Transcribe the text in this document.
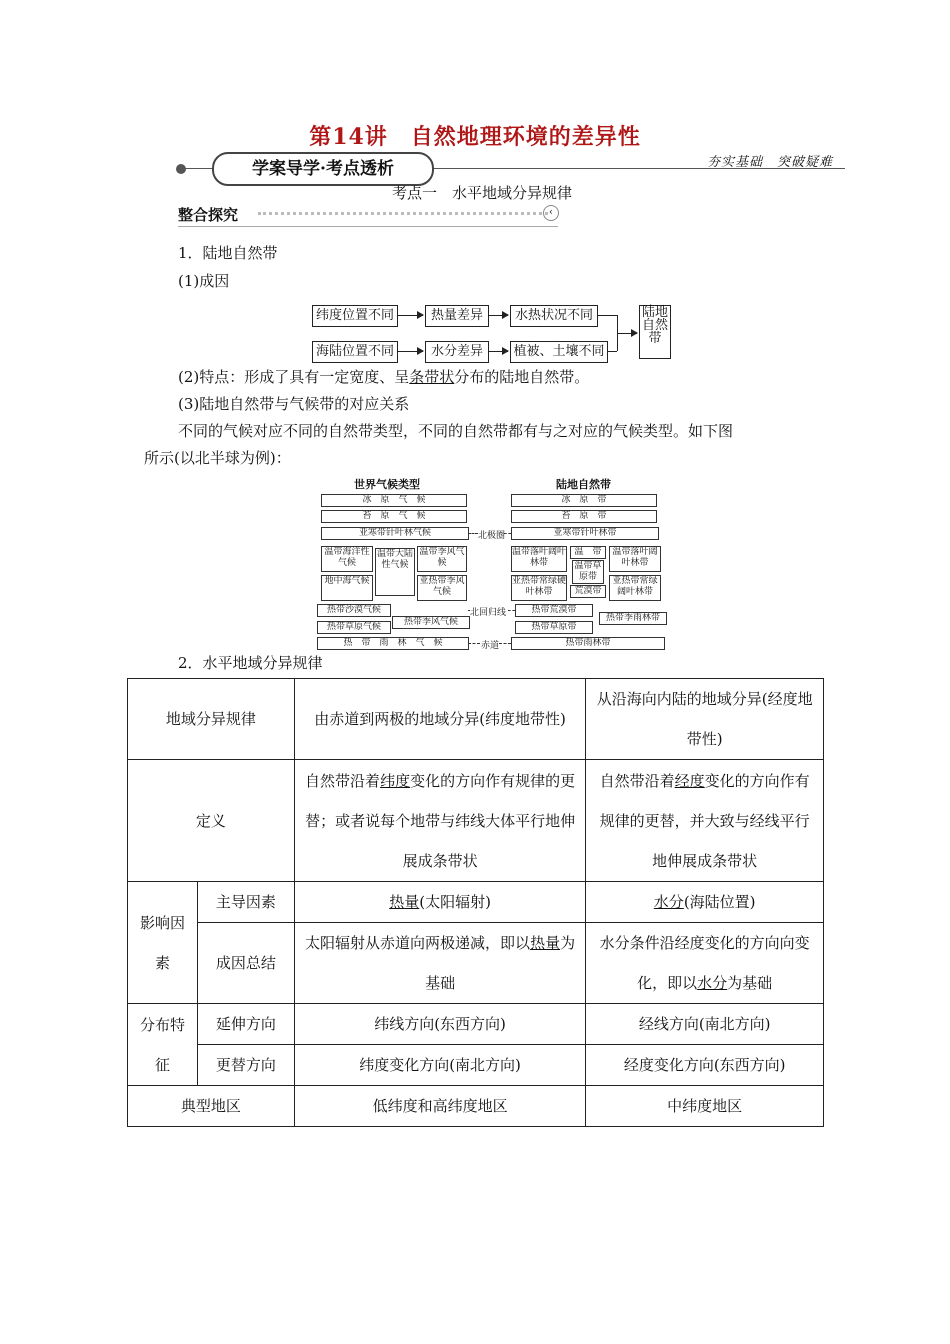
第14讲　自然地理环境的差异性
学案导学·考点透析	夯实基础　突破疑难
考点一　水平地域分异规律
整合探究	‹
1．陆地自然带
(1)成因
纬度位置不同
海陆位置不同
热量差异
水分差异
水热状况不同
植被、土壤不同
陆地自然带
(2)特点：形成了具有一定宽度、呈条带状分布的陆地自然带。
(3)陆地自然带与气候带的对应关系
不同的气候对应不同的自然带类型，不同的自然带都有与之对应的气候类型。如下图
所示(以北半球为例)：
世界气候类型	陆地自然带
冰　原　气　候
苔　原　气　候
亚寒带针叶林气候
温带海洋性气候
温带大陆性气候
温带季风气候
地中海气候	亚热带季风气候
热带沙漠气候
热带季风气候
热带草原气候
热　带　雨　林　气　候
冰　原　带
苔　原　带
亚寒带针叶林带
温带落叶阔叶林带
温　带
温带草原带
荒漠带
温带落叶阔叶林带
亚热带常绿硬叶林带
亚热带常绿阔叶林带
热带荒漠带
热带季雨林带
热带草原带
热带雨林带
北极圈
北回归线
赤道
2．水平地域分异规律
地域分异规律		由赤道到两极的地域分异(纬度地带性)	从沿海向内陆的地域分异(经度地带性)
定义		自然带沿着纬度变化的方向作有规律的更替；或者说每个地带与纬线大体平行地伸展成条带状	自然带沿着经度变化的方向作有规律的更替，并大致与经线平行地伸展成条带状
影响因素	主导因素	热量(太阳辐射)	水分(海陆位置)
	成因总结	太阳辐射从赤道向两极递减，即以热量为基础	水分条件沿经度变化的方向向变化，即以水分为基础
分布特征	延伸方向	纬线方向(东西方向)	经线方向(南北方向)
	更替方向	纬度变化方向(南北方向)	经度变化方向(东西方向)
典型地区		低纬度和高纬度地区	中纬度地区
